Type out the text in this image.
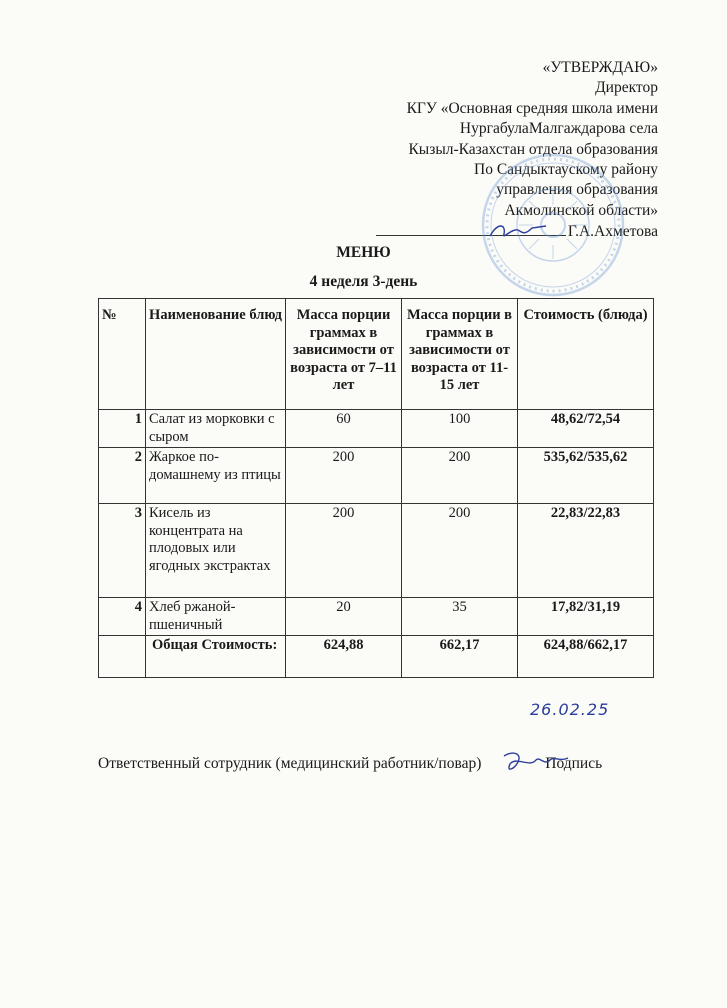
«УТВЕРЖДАЮ»
Директор
КГУ «Основная средняя школа имени
НургабулаМалгаждарова села
Кызыл-Казахстан отдела образования
По Сандыктаускому району
управления образования
Акмолинской области»
Г.А.Ахметова
МЕНЮ
4 неделя 3-день
№	Наименование блюд	Масса порции граммах в зависимости от возраста от 7–11 лет	Масса порции в граммах в зависимости от возраста от 11-15 лет	Стоимость (блюда)
1	Салат из морковки с сыром	60	100	48,62/72,54
2	Жаркое по-домашнему из птицы	200	200	535,62/535,62
3	Кисель из концентрата на плодовых или ягодных экстрактах	200	200	22,83/22,83
4	Хлеб ржаной-пшеничный	20	35	17,82/31,19
	Общая Стоимость:	624,88	662,17	624,88/662,17
26.02.25
Ответственный сотрудник (медицинский работник/повар)	Подпись
